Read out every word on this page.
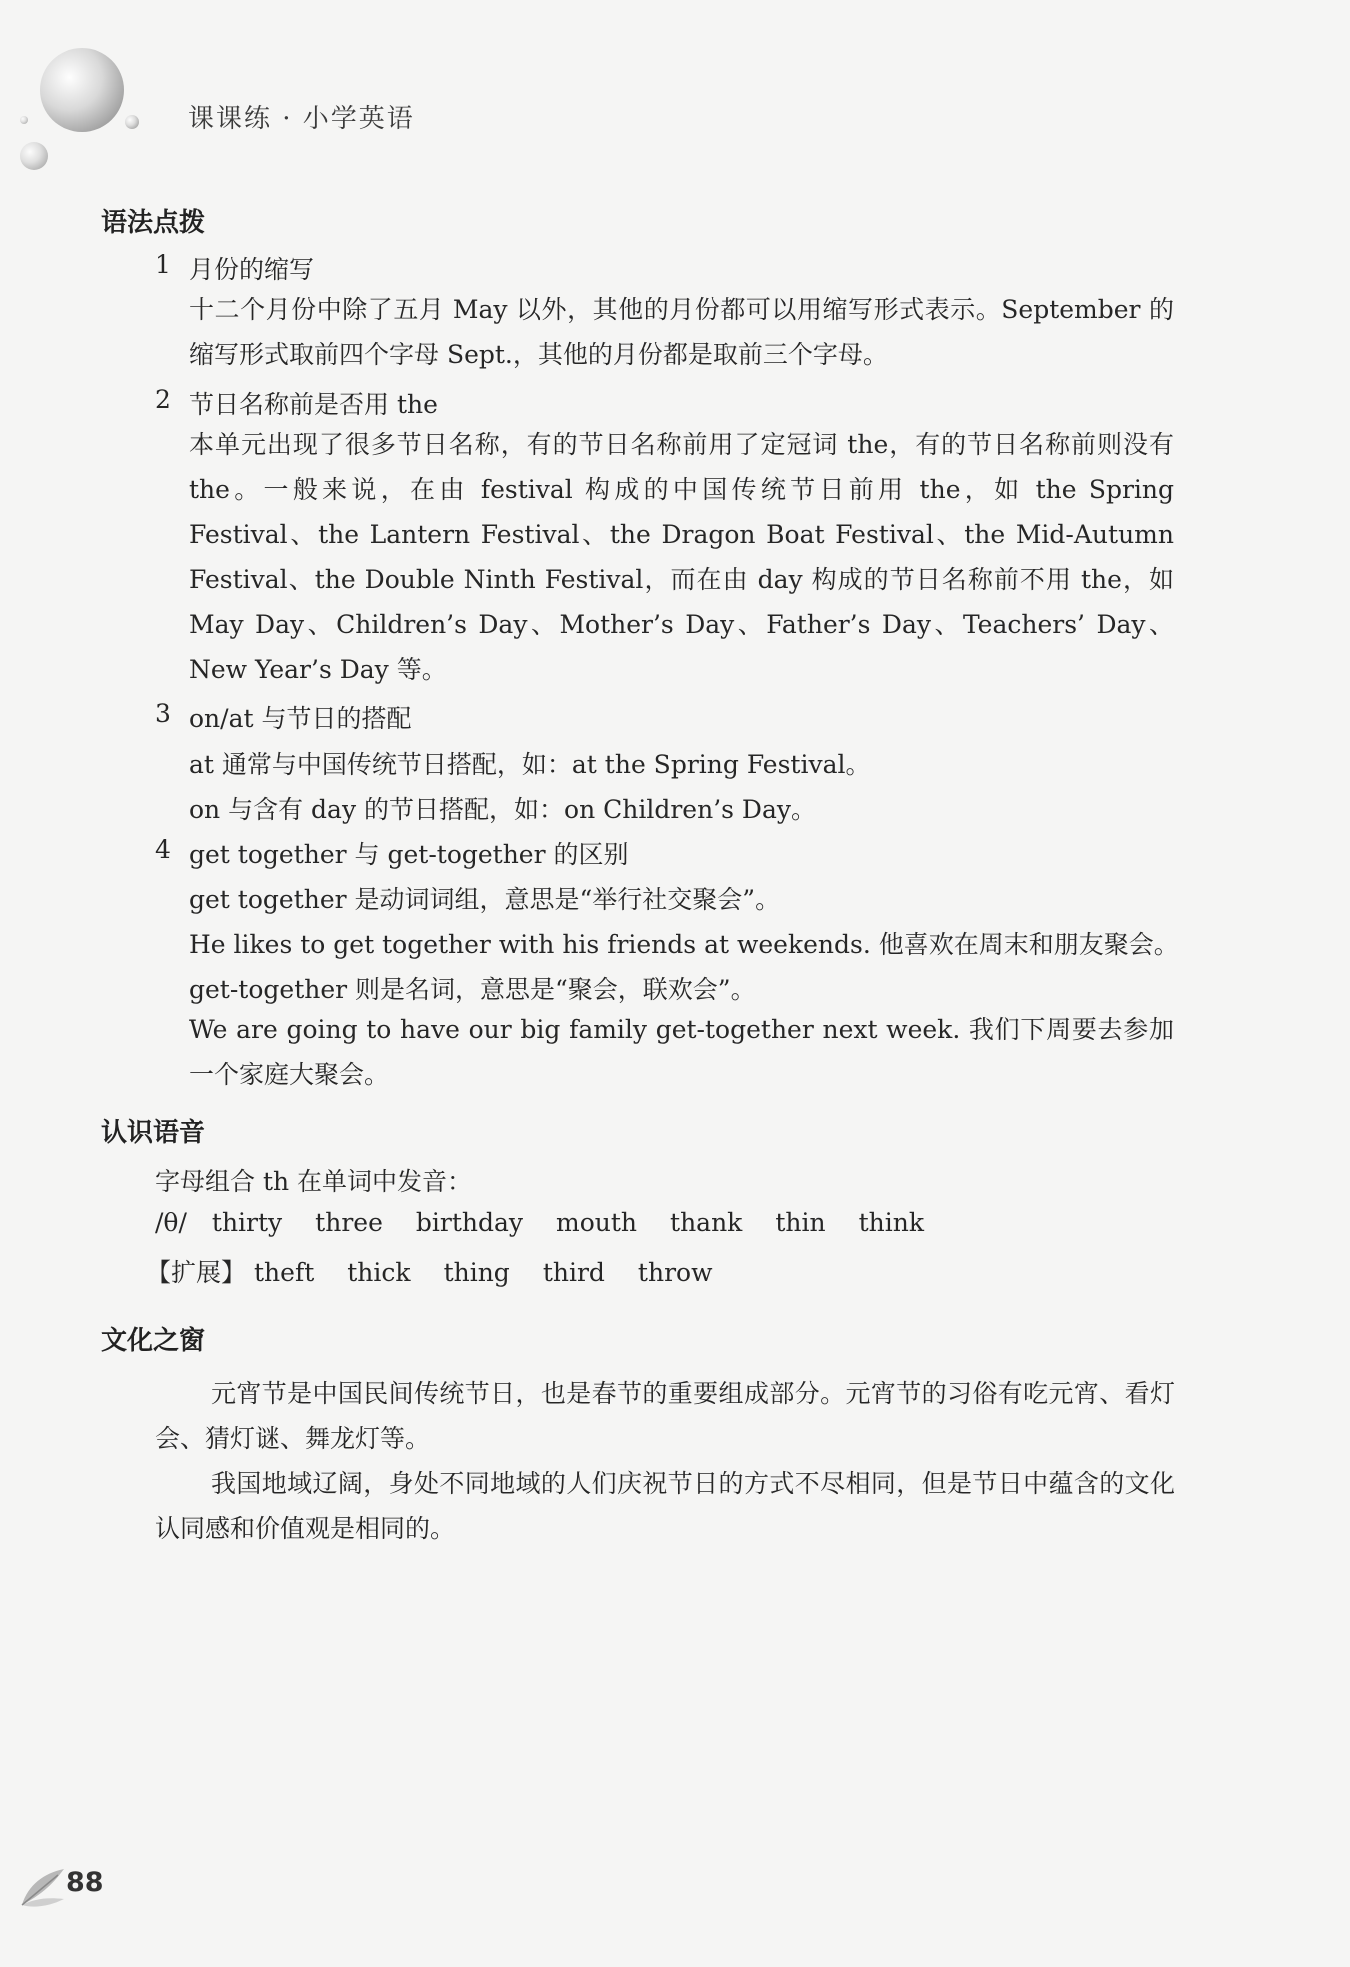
课课练 · 小学英语
语法点拨
1 月份的缩写
十二个月份中除了五月 May 以外，其他的月份都可以用缩写形式表示。September 的缩写形式取前四个字母 Sept.，其他的月份都是取前三个字母。
2 节日名称前是否用 the
本单元出现了很多节日名称，有的节日名称前用了定冠词 the，有的节日名称前则没有 the。一般来说，在由 festival 构成的中国传统节日前用 the，如 the Spring Festival、the Lantern Festival、the Dragon Boat Festival、the Mid-Autumn Festival、the Double Ninth Festival，而在由 day 构成的节日名称前不用 the，如 May Day、Children’s Day、Mother’s Day、Father’s Day、Teachers’ Day、New Year’s Day 等。
3 on/at 与节日的搭配
at 通常与中国传统节日搭配，如：at the Spring Festival。
on 与含有 day 的节日搭配，如：on Children’s Day。
4 get together 与 get-together 的区别
get together 是动词词组，意思是“举行社交聚会”。
He likes to get together with his friends at weekends. 他喜欢在周末和朋友聚会。
get-together 则是名词，意思是“聚会，联欢会”。
We are going to have our big family get-together next week. 我们下周要去参加一个家庭大聚会。
认识语音
字母组合 th 在单词中发音：
/θ/ thirty three birthday mouth thank thin think
【扩展】 theft thick thing third throw
文化之窗
元宵节是中国民间传统节日，也是春节的重要组成部分。元宵节的习俗有吃元宵、看灯会、猜灯谜、舞龙灯等。
我国地域辽阔，身处不同地域的人们庆祝节日的方式不尽相同，但是节日中蕴含的文化认同感和价值观是相同的。
88
